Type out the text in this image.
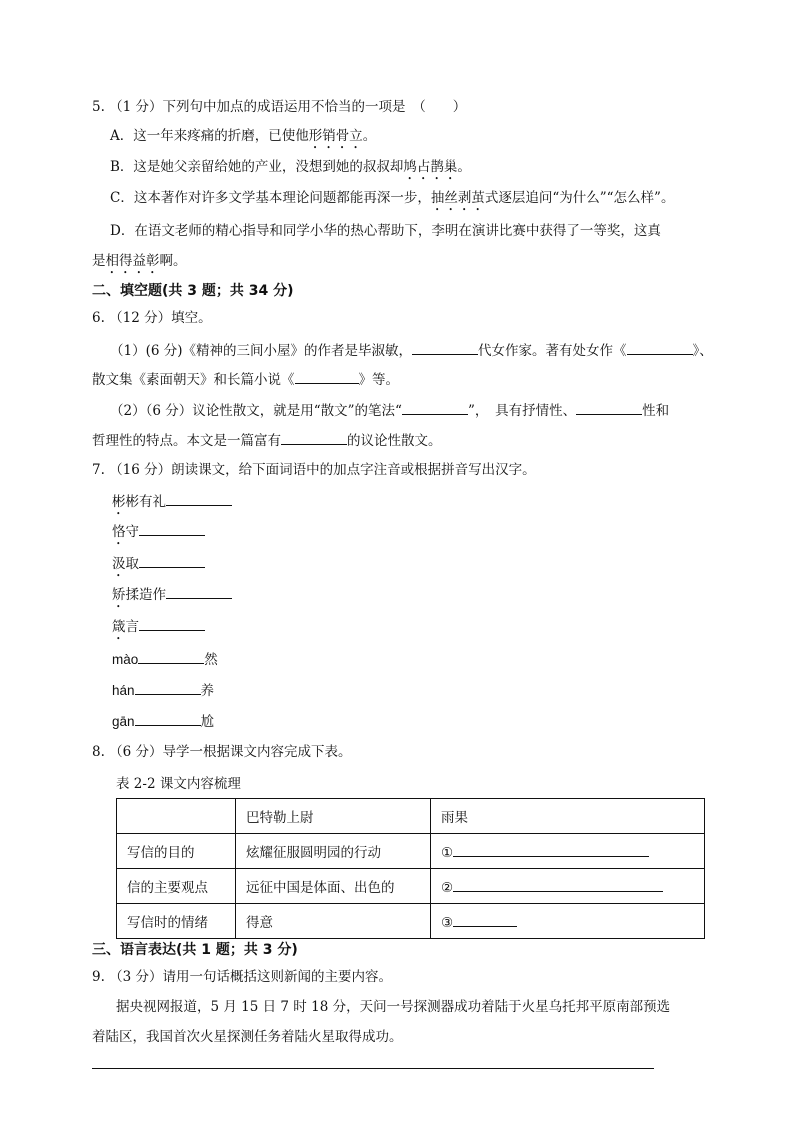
5. （1 分）下列句中加点的成语运用不恰当的一项是　（　　）
A．这一年来疼痛的折磨，已使他形销骨立。
B．这是她父亲留给她的产业，没想到她的叔叔却鸠占鹊巢。
C．这本著作对许多文学基本理论问题都能再深一步，抽丝剥茧式逐层追问“为什么”“怎么样”。
D．在语文老师的精心指导和同学小华的热心帮助下，李明在演讲比赛中获得了一等奖，这真
是相得益彰啊。
二、填空题(共 3 题；共 34 分)
6. （12 分）填空。
（1）(6 分)《精神的三间小屋》的作者是毕淑敏，	代女作家。著有处女作《	》、
散文集《素面朝天》和长篇小说《	》等。
（2）（6 分）议论性散文，就是用“散文”的笔法“	”，　具有抒情性、	性和
哲理性的特点。本文是一篇富有	的议论性散文。
7. （16 分）朗读课文，给下面词语中的加点字注音或根据拼音写出汉字。
彬彬有礼
恪守
汲取
矫揉造作
箴言
mào	然
hán	养
gān	尬
8. （6 分）导学一根据课文内容完成下表。
表 2-2 课文内容梳理
	巴特勒上尉	雨果
写信的目的	炫耀征服圆明园的行动	①
信的主要观点	远征中国是体面、出色的	②
写信时的情绪	得意	③
三、语言表达(共 1 题；共 3 分)
9. （3 分）请用一句话概括这则新闻的主要内容。
据央视网报道，5 月 15 日 7 时 18 分，天问一号探测器成功着陆于火星乌托邦平原南部预选
着陆区，我国首次火星探测任务着陆火星取得成功。
